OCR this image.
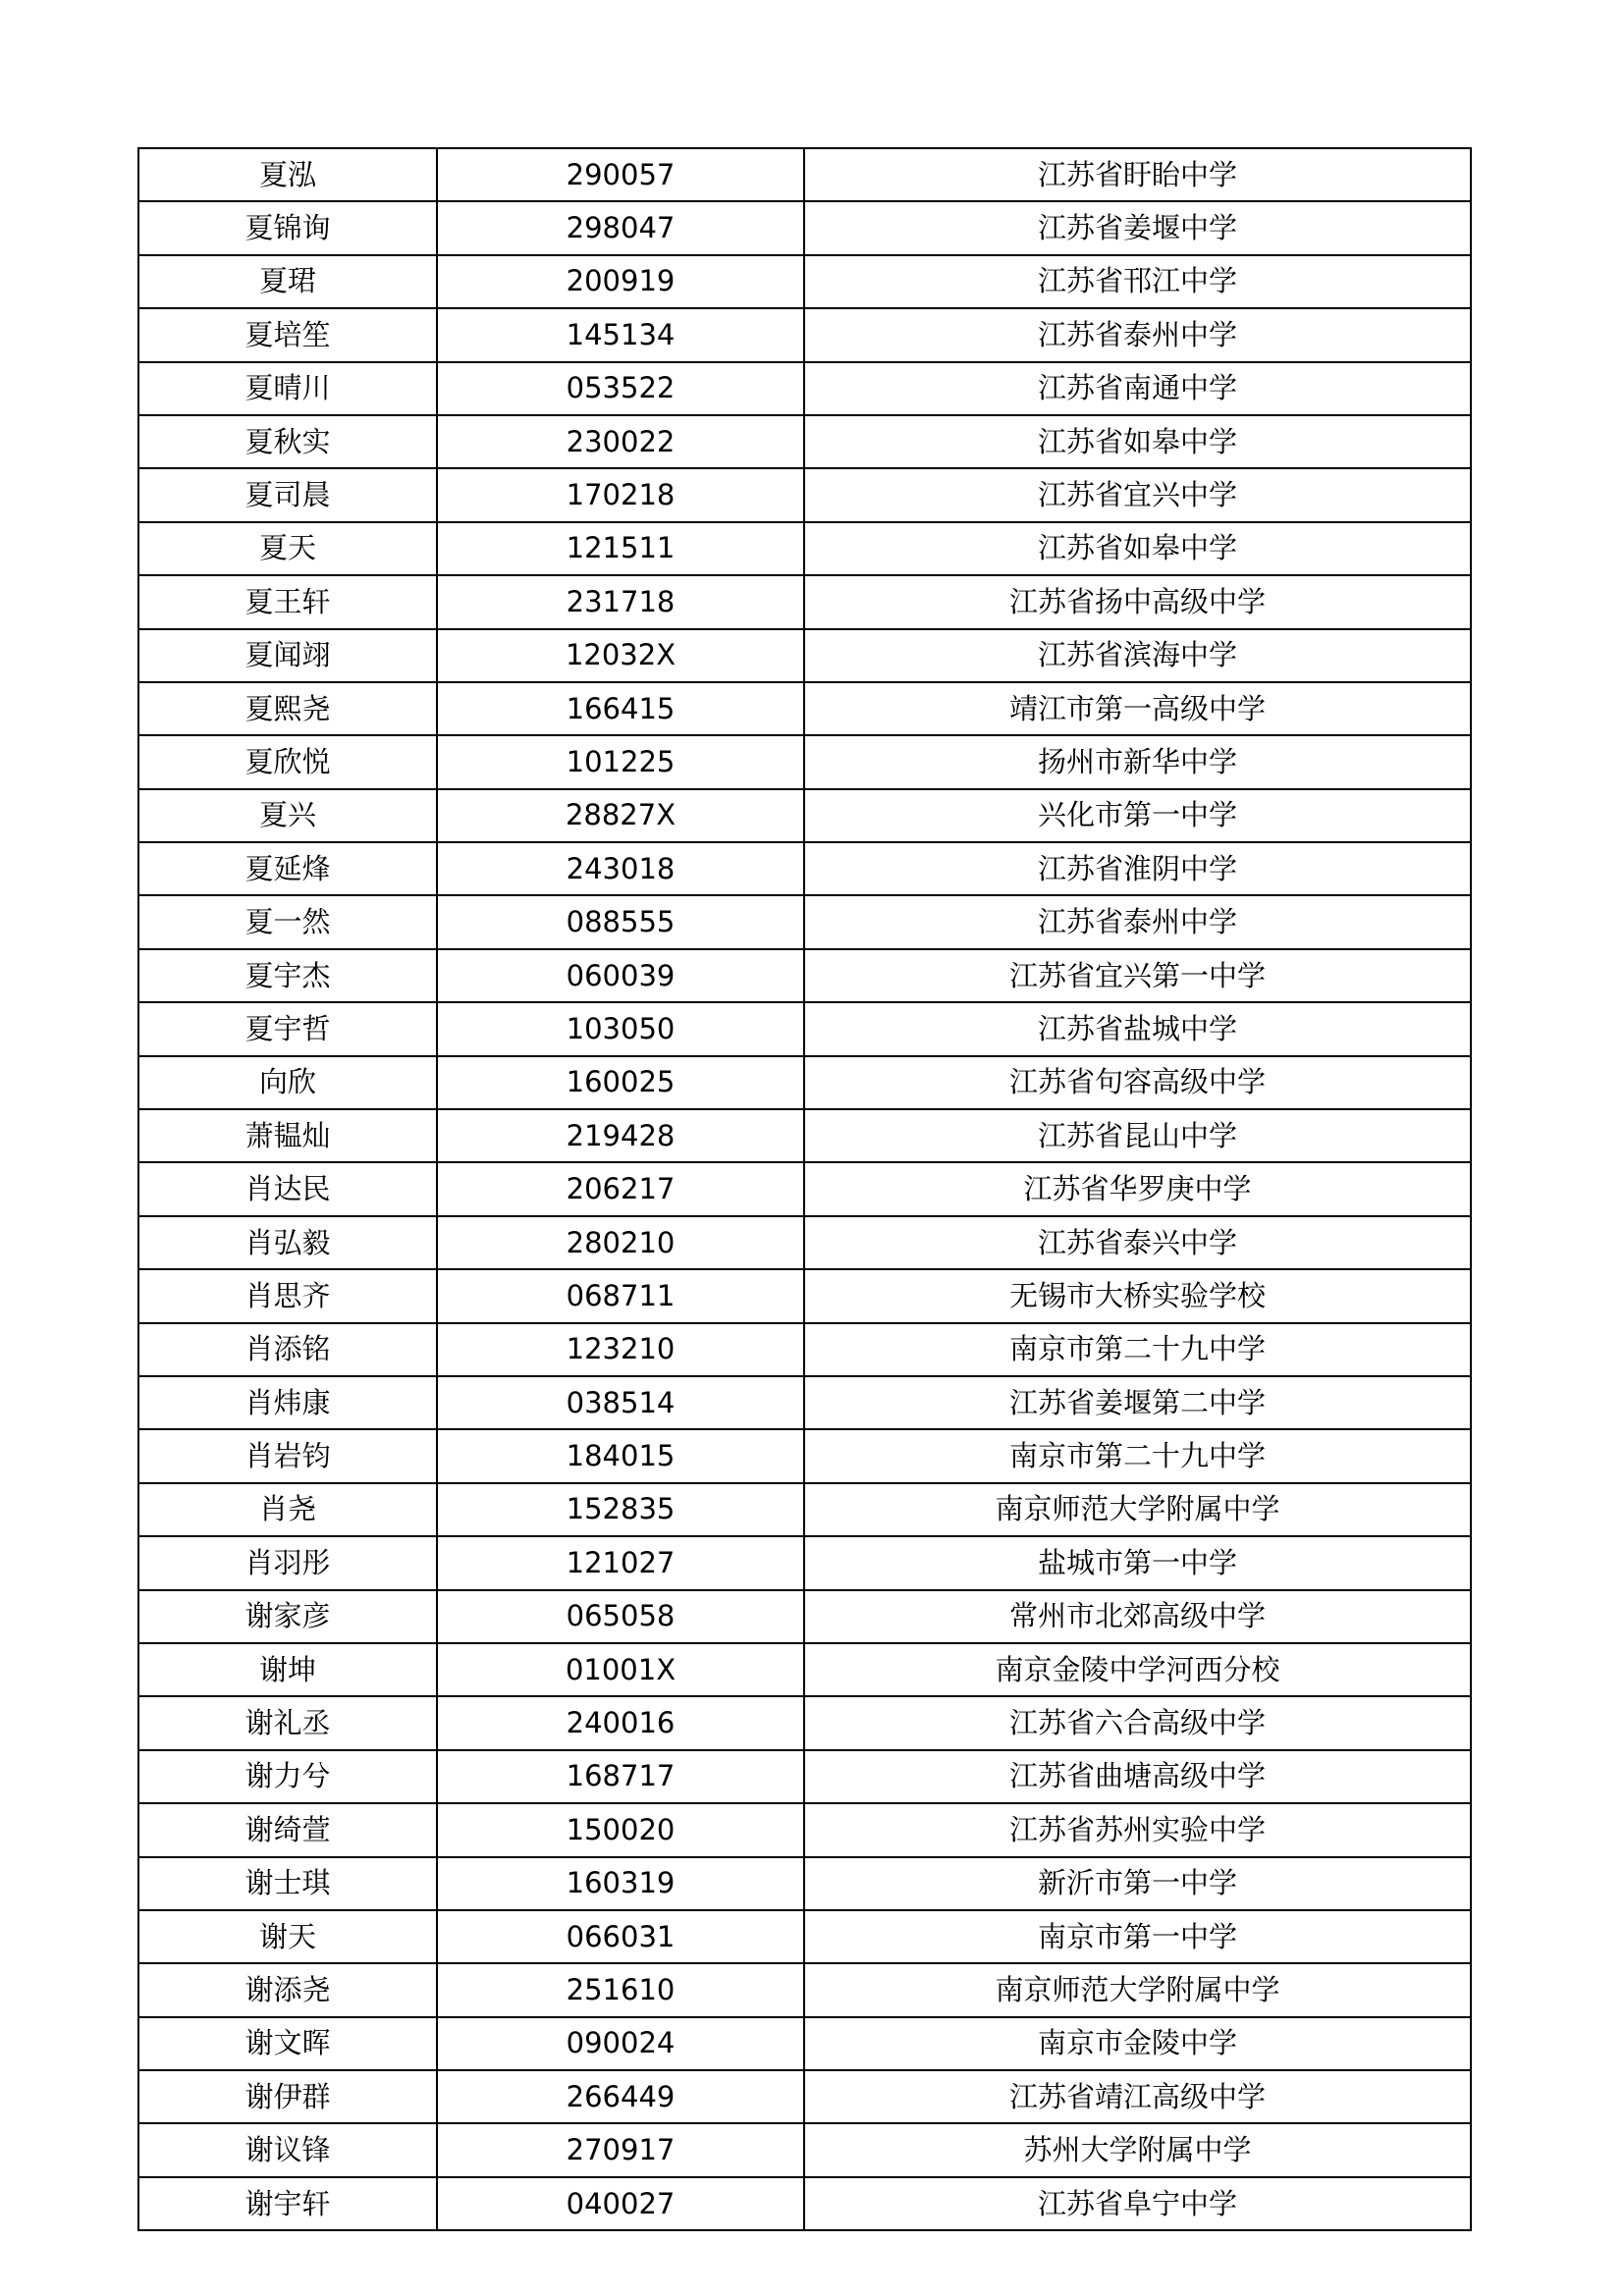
夏泓	290057	江苏省盱眙中学
夏锦询	298047	江苏省姜堰中学
夏珺	200919	江苏省邗江中学
夏培笙	145134	江苏省泰州中学
夏晴川	053522	江苏省南通中学
夏秋实	230022	江苏省如皋中学
夏司晨	170218	江苏省宜兴中学
夏天	121511	江苏省如皋中学
夏王轩	231718	江苏省扬中高级中学
夏闻翊	12032X	江苏省滨海中学
夏熙尧	166415	靖江市第一高级中学
夏欣悦	101225	扬州市新华中学
夏兴	28827X	兴化市第一中学
夏延烽	243018	江苏省淮阴中学
夏一然	088555	江苏省泰州中学
夏宇杰	060039	江苏省宜兴第一中学
夏宇哲	103050	江苏省盐城中学
向欣	160025	江苏省句容高级中学
萧韫灿	219428	江苏省昆山中学
肖达民	206217	江苏省华罗庚中学
肖弘毅	280210	江苏省泰兴中学
肖思齐	068711	无锡市大桥实验学校
肖添铭	123210	南京市第二十九中学
肖炜康	038514	江苏省姜堰第二中学
肖岩钧	184015	南京市第二十九中学
肖尧	152835	南京师范大学附属中学
肖羽彤	121027	盐城市第一中学
谢家彦	065058	常州市北郊高级中学
谢坤	01001X	南京金陵中学河西分校
谢礼丞	240016	江苏省六合高级中学
谢力兮	168717	江苏省曲塘高级中学
谢绮萱	150020	江苏省苏州实验中学
谢士琪	160319	新沂市第一中学
谢天	066031	南京市第一中学
谢添尧	251610	南京师范大学附属中学
谢文晖	090024	南京市金陵中学
谢伊群	266449	江苏省靖江高级中学
谢议锋	270917	苏州大学附属中学
谢宇轩	040027	江苏省阜宁中学
